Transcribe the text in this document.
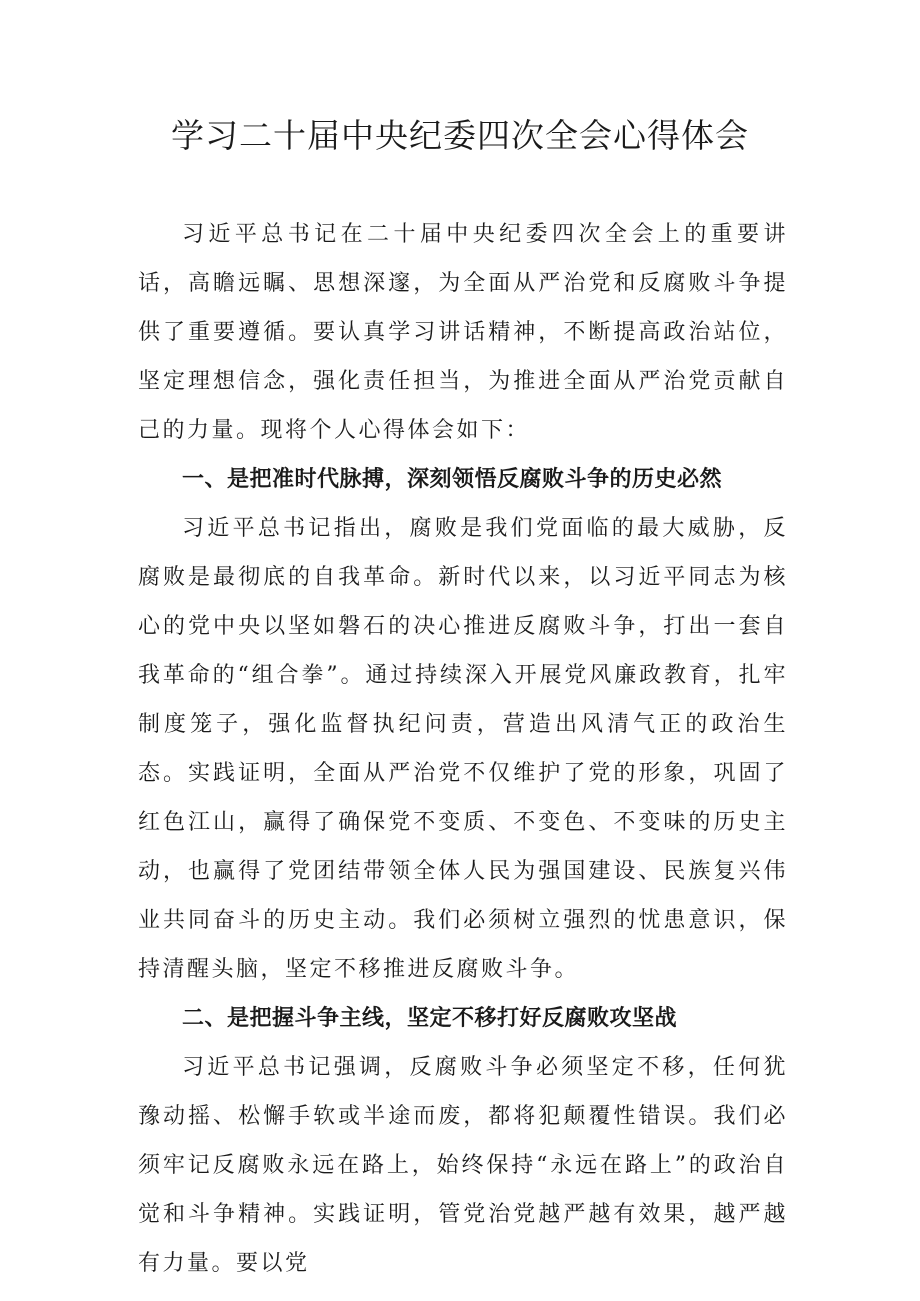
学习二十届中央纪委四次全会心得体会

习近平总书记在二十届中央纪委四次全会上的重要讲话，高瞻远瞩、思想深邃，为全面从严治党和反腐败斗争提供了重要遵循。要认真学习讲话精神，不断提高政治站位，坚定理想信念，强化责任担当，为推进全面从严治党贡献自己的力量。现将个人心得体会如下：

一、是把准时代脉搏，深刻领悟反腐败斗争的历史必然

习近平总书记指出，腐败是我们党面临的最大威胁，反腐败是最彻底的自我革命。新时代以来，以习近平同志为核心的党中央以坚如磐石的决心推进反腐败斗争，打出一套自我革命的“组合拳”。通过持续深入开展党风廉政教育，扎牢制度笼子，强化监督执纪问责，营造出风清气正的政治生态。实践证明，全面从严治党不仅维护了党的形象，巩固了红色江山，赢得了确保党不变质、不变色、不变味的历史主动，也赢得了党团结带领全体人民为强国建设、民族复兴伟业共同奋斗的历史主动。我们必须树立强烈的忧患意识，保持清醒头脑，坚定不移推进反腐败斗争。

二、是把握斗争主线，坚定不移打好反腐败攻坚战

习近平总书记强调，反腐败斗争必须坚定不移，任何犹豫动摇、松懈手软或半途而废，都将犯颠覆性错误。我们必须牢记反腐败永远在路上，始终保持“永远在路上”的政治自觉和斗争精神。实践证明，管党治党越严越有效果，越严越有力量。要以党
